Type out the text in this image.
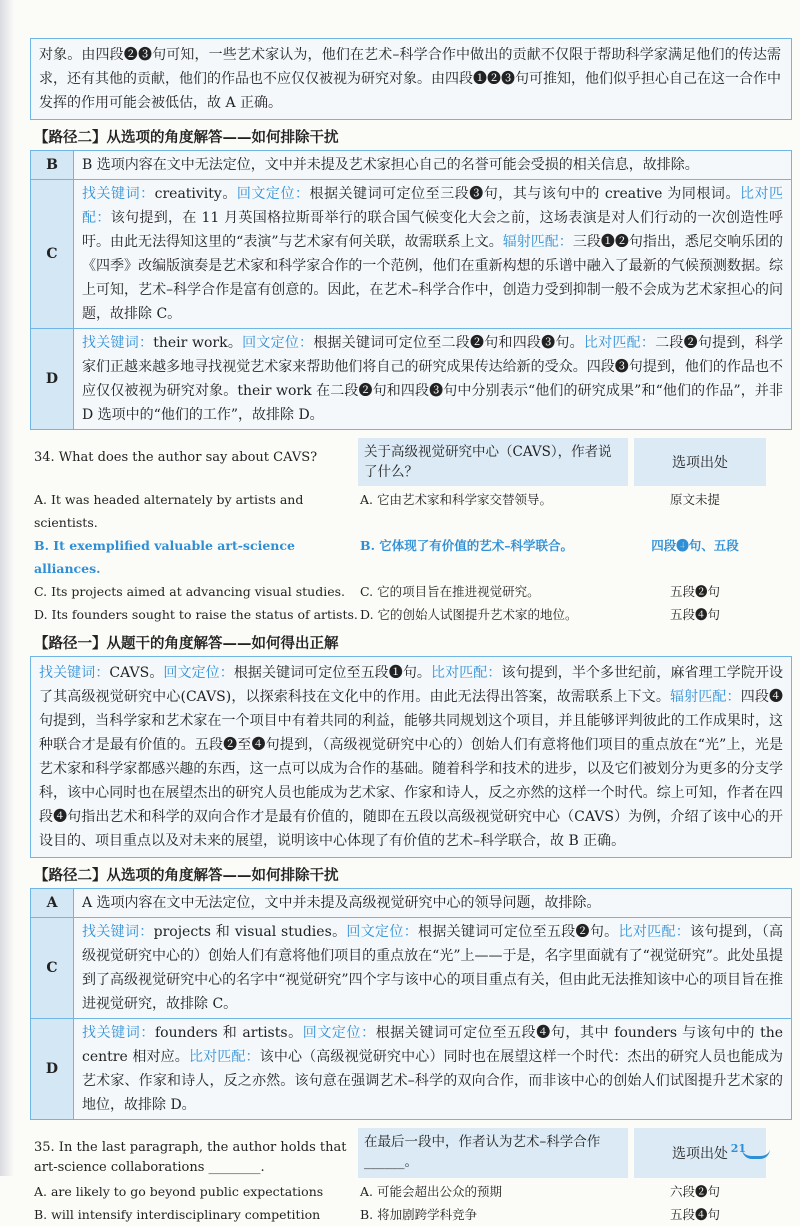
对象。由四段❷❸句可知，一些艺术家认为，他们在艺术–科学合作中做出的贡献不仅限于帮助科学家满足他们的传达需求，还有其他的贡献，他们的作品也不应仅仅被视为研究对象。由四段❶❷❸句可推知，他们似乎担心自己在这一合作中发挥的作用可能会被低估，故 A 正确。
【路径二】从选项的角度解答——如何排除干扰
B	B 选项内容在文中无法定位，文中并未提及艺术家担心自己的名誉可能会受损的相关信息，故排除。
C	找关键词：creativity。回文定位：根据关键词可定位至三段❸句，其与该句中的 creative 为同根词。比对匹配：该句提到，在 11 月英国格拉斯哥举行的联合国气候变化大会之前，这场表演是对人们行动的一次创造性呼吁。由此无法得知这里的“表演”与艺术家有何关联，故需联系上文。辐射匹配：三段❶❷句指出，悉尼交响乐团的《四季》改编版演奏是艺术家和科学家合作的一个范例，他们在重新构想的乐谱中融入了最新的气候预测数据。综上可知，艺术–科学合作是富有创意的。因此，在艺术–科学合作中，创造力受到抑制一般不会成为艺术家担心的问题，故排除 C。
D	找关键词：their work。回文定位：根据关键词可定位至二段❷句和四段❸句。比对匹配：二段❷句提到，科学家们正越来越多地寻找视觉艺术家来帮助他们将自己的研究成果传达给新的受众。四段❸句提到，他们的作品也不应仅仅被视为研究对象。their work 在二段❷句和四段❸句中分别表示“他们的研究成果”和“他们的作品”，并非 D 选项中的“他们的工作”，故排除 D。
34. What does the author say about CAVS?	关于高级视觉研究中心（CAVS），作者说了什么？
选项出处
A. It was headed alternately by artists and scientists.
A. 它由艺术家和科学家交替领导。	原文未提
B. It exemplified valuable art-science alliances.
B. 它体现了有价值的艺术–科学联合。	四段❹句、五段
C. Its projects aimed at advancing visual studies.	C. 它的项目旨在推进视觉研究。	五段❷句
D. Its founders sought to raise the status of artists. D. 它的创始人试图提升艺术家的地位。	五段❹句
【路径一】从题干的角度解答——如何得出正解
找关键词：CAVS。回文定位：根据关键词可定位至五段❶句。比对匹配：该句提到，半个多世纪前，麻省理工学院开设了其高级视觉研究中心(CAVS)，以探索科技在文化中的作用。由此无法得出答案，故需联系上下文。辐射匹配：四段❹句提到，当科学家和艺术家在一个项目中有着共同的利益，能够共同规划这个项目，并且能够评判彼此的工作成果时，这种联合才是最有价值的。五段❷至❹句提到，（高级视觉研究中心的）创始人们有意将他们项目的重点放在“光”上，光是艺术家和科学家都感兴趣的东西，这一点可以成为合作的基础。随着科学和技术的进步，以及它们被划分为更多的分支学科，该中心同时也在展望杰出的研究人员也能成为艺术家、作家和诗人，反之亦然的这样一个时代。综上可知，作者在四段❹句指出艺术和科学的双向合作才是最有价值的，随即在五段以高级视觉研究中心（CAVS）为例，介绍了该中心的开设目的、项目重点以及对未来的展望，说明该中心体现了有价值的艺术–科学联合，故 B 正确。
【路径二】从选项的角度解答——如何排除干扰
A	A 选项内容在文中无法定位，文中并未提及高级视觉研究中心的领导问题，故排除。
C	找关键词：projects 和 visual studies。回文定位：根据关键词可定位至五段❷句。比对匹配：该句提到，（高级视觉研究中心的）创始人们有意将他们项目的重点放在“光”上——于是，名字里面就有了“视觉研究”。此处虽提到了高级视觉研究中心的名字中“视觉研究”四个字与该中心的项目重点有关，但由此无法推知该中心的项目旨在推进视觉研究，故排除 C。
D	找关键词：founders 和 artists。回文定位：根据关键词可定位至五段❹句，其中 founders 与该句中的 the centre 相对应。比对匹配：该中心（高级视觉研究中心）同时也在展望这样一个时代：杰出的研究人员也能成为艺术家、作家和诗人，反之亦然。该句意在强调艺术–科学的双向合作，而非该中心的创始人们试图提升艺术家的地位，故排除 D。
35. In the last paragraph, the author holds that art-science collaborations ________.
在最后一段中，作者认为艺术–科学合作______。	选项出处
A. are likely to go beyond public expectations	A. 可能会超出公众的预期	六段❷句
B. will intensify interdisciplinary competition	B. 将加剧跨学科竞争	五段❹句
21
